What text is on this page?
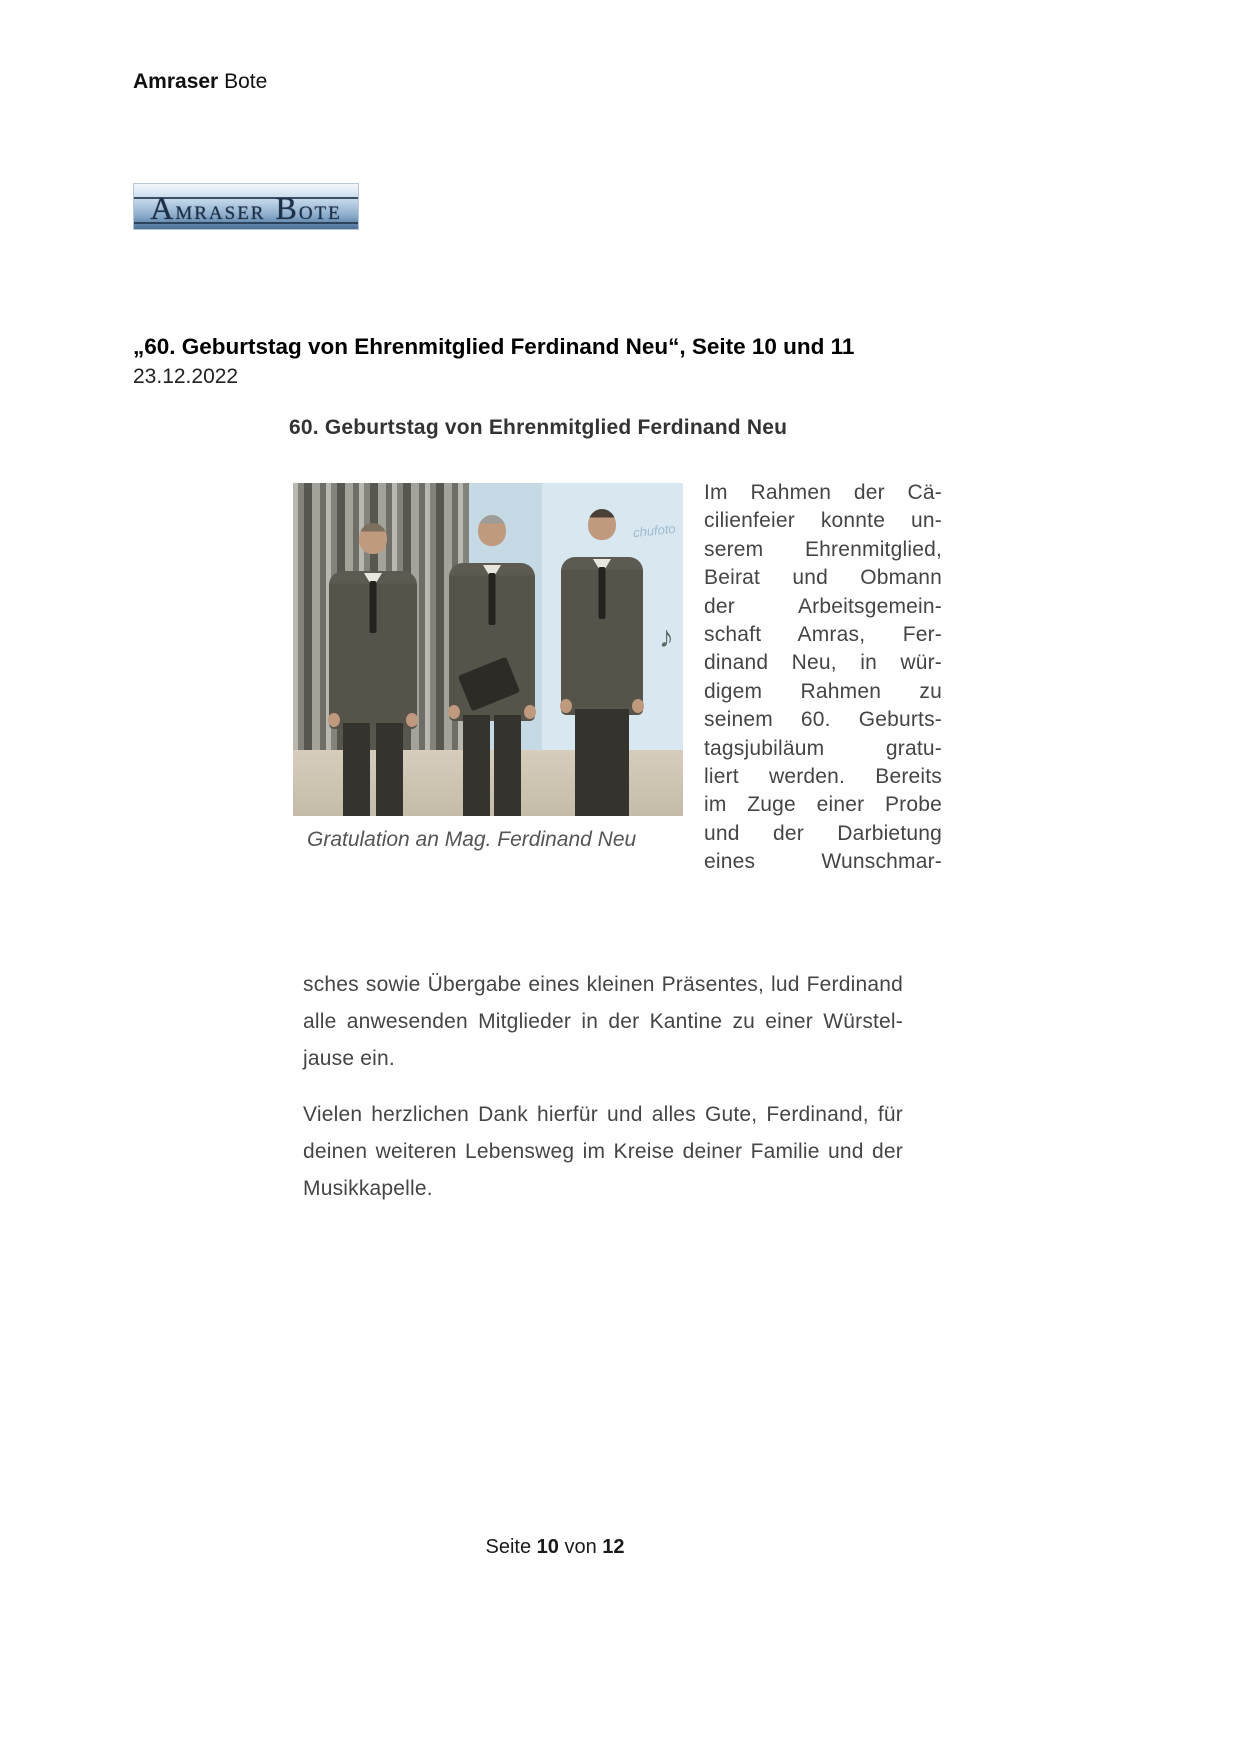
Amraser Bote
AMRASER BOTE
„60. Geburtstag von Ehrenmitglied Ferdinand Neu“, Seite 10 und 11
23.12.2022
60. Geburtstag von Ehrenmitglied Ferdinand Neu
chufoto
♪
Gratulation an Mag. Ferdinand Neu
Im Rahmen der Cä-
cilienfeier konnte un-
serem Ehrenmitglied,
Beirat und Obmann
der Arbeitsgemein-
schaft Amras, Fer-
dinand Neu, in wür-
digem Rahmen zu
seinem 60. Geburts-
tagsjubiläum gratu-
liert werden. Bereits
im Zuge einer Probe
und der Darbietung
eines Wunschmar-
sches sowie Übergabe eines kleinen Präsentes, lud Ferdinand
alle anwesenden Mitglieder in der Kantine zu einer Würstel-
jause ein.
Vielen herzlichen Dank hierfür und alles Gute, Ferdinand, für
deinen weiteren Lebensweg im Kreise deiner Familie und der
Musikkapelle.
Seite 10 von 12
